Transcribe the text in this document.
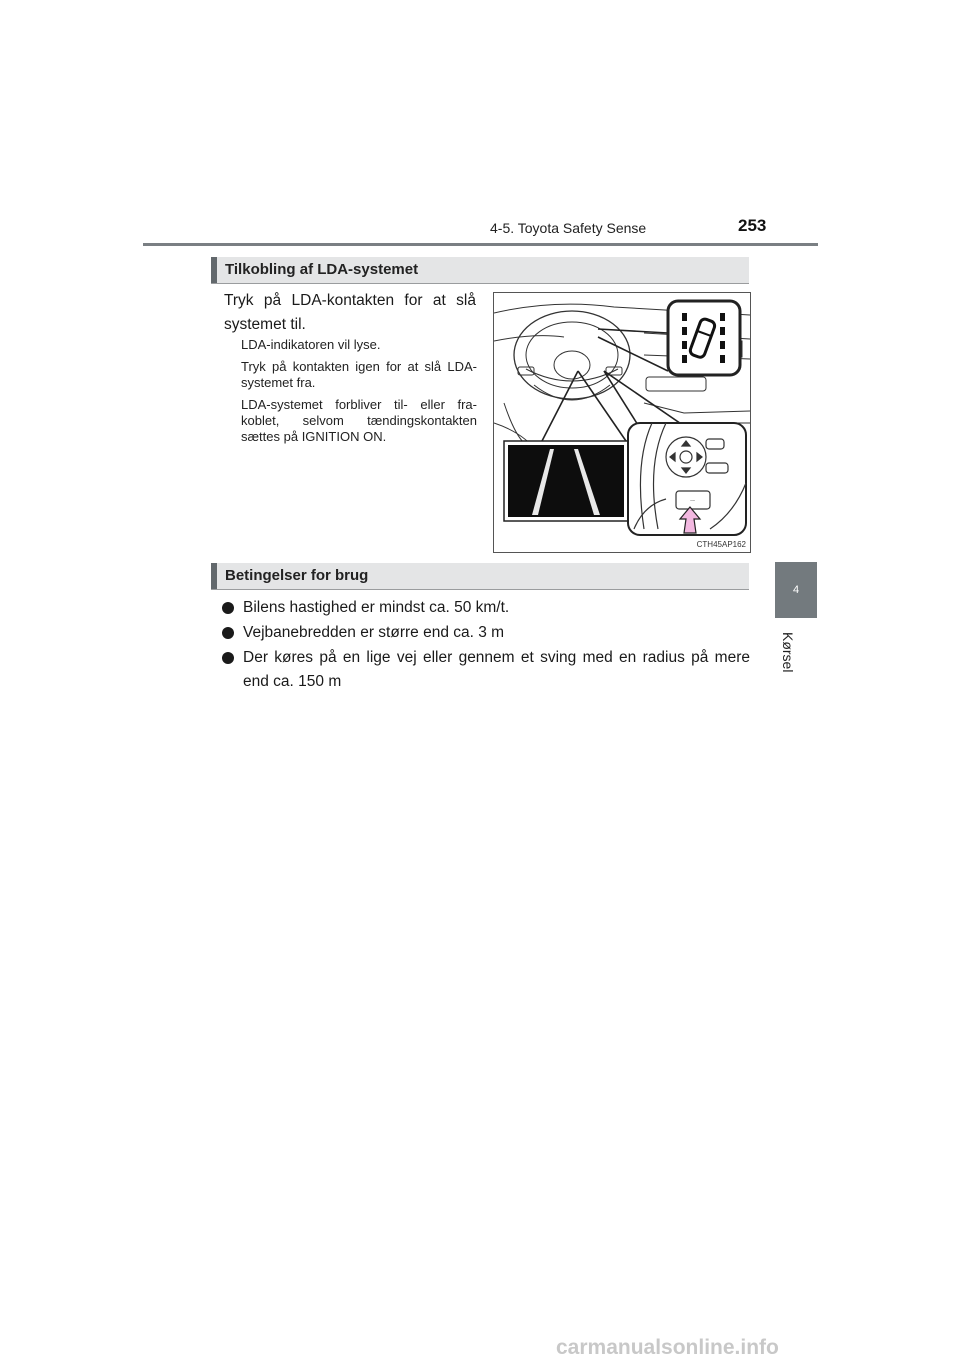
4-5. Toyota Safety Sense	253
4
Kørsel
Tilkobling af LDA-systemet
Tryk på LDA-kontakten for at slå systemet til.

LDA-indikatoren vil lyse.

Tryk på kontakten igen for at slå LDA-systemet fra.

LDA-systemet forbliver til- eller fra-koblet, selvom tændingskontakten sættes på IGNITION ON.

ㄧ
CTH45AP162
Betingelser for brug
Bilens hastighed er mindst ca. 50 km/t.
Vejbanebredden er større end ca. 3 m
Der køres på en lige vej eller gennem et sving med en radius på mere end ca. 150 m
carmanualsonline.info
